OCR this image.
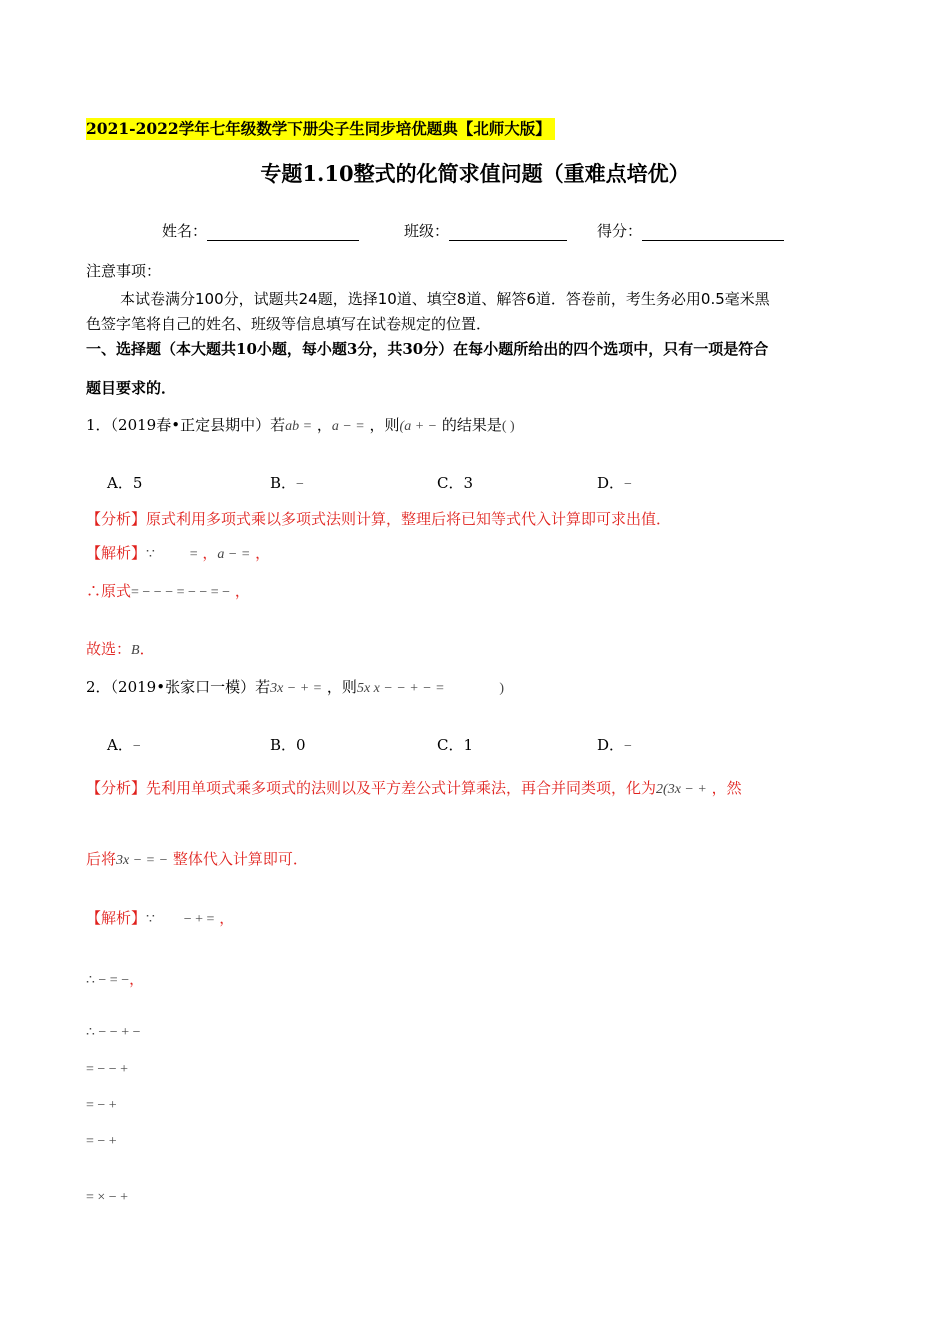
2021-2022学年七年级数学下册尖子生同步培优题典【北师大版】
专题1.10整式的化简求值问题（重难点培优）
姓名：	班级：	得分：
注意事项：
本试卷满分100分，试题共24题，选择10道、填空8道、解答6道．答卷前，考生务必用0.5毫米黑
色签字笔将自己的姓名、班级等信息填写在试卷规定的位置．
一、选择题（本大题共10小题，每小题3分，共30分）在每小题所给出的四个选项中，只有一项是符合
题目要求的．
1．（2019春•正定县期中）若ab = ，a − = ，则(a + − 的结果是( )
A．5	B．−	C．3	D．−
【分析】原式利用多项式乘以多项式法则计算，整理后将已知等式代入计算即可求出值．
【解析】∵ = ，a − = ，
∴原式= − − − = − − = − ，
故选：B．
2．（2019•张家口一模）若3x − + = ，则5x x − − + − =	)
A．−	B．0	C．1	D．−
【分析】先利用单项式乘多项式的法则以及平方差公式计算乘法，再合并同类项，化为2(3x − + ，然
后将3x − = − 整体代入计算即可．
【解析】∵ − + = ，
∴ − = −，
∴ − − + −
= − − +
= − +
= − +
= × − +
